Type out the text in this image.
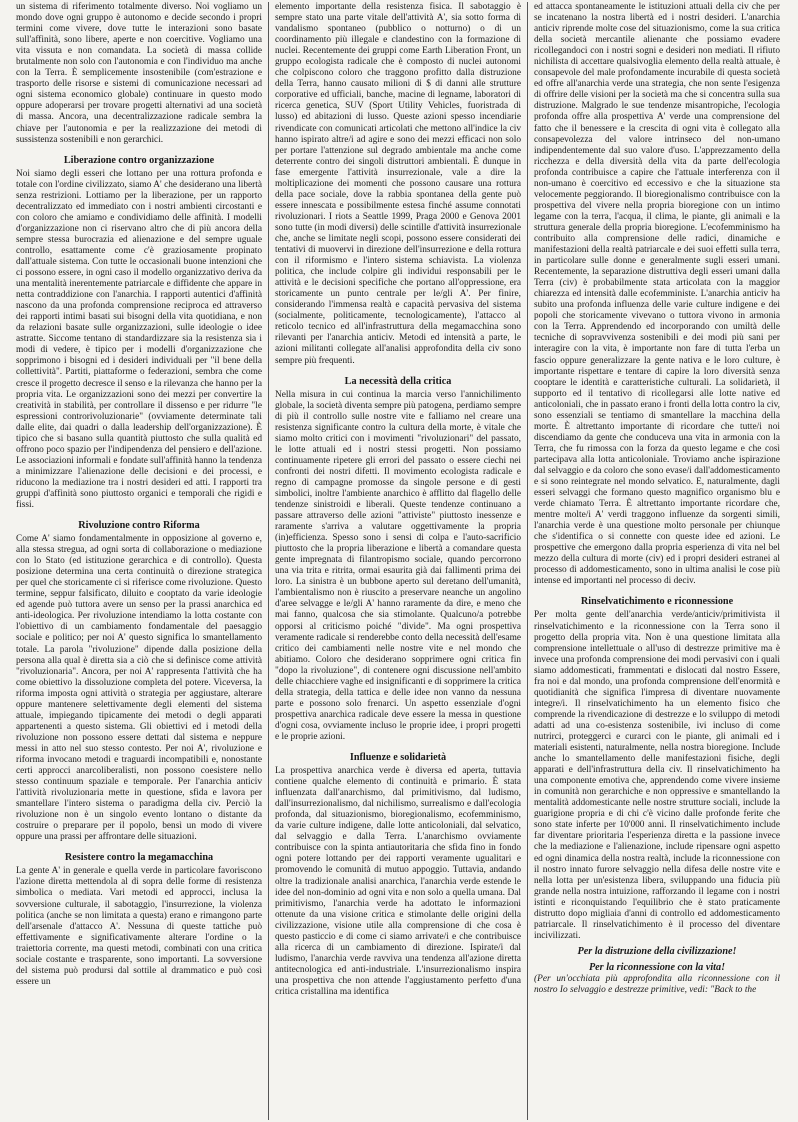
un sistema di riferimento totalmente diverso. Noi vogliamo un mondo dove ogni gruppo è autonomo e decide secondo i propri termini come vivere, dove tutte le interazioni sono basate sull'affinità, sono libere, aperte e non coercitive. Vogliamo una vita vissuta e non comandata. La società di massa collide brutalmente non solo con l'autonomia e con l'individuo ma anche con la Terra. È semplicemente insostenibile (com'estrazione e trasporto delle risorse e sistemi di comunicazione necessari ad ogni sistema economico globale) continuare in questo modo oppure adoperarsi per trovare progetti alternativi ad una società di massa. Ancora, una decentralizzazione radicale sembra la chiave per l'autonomia e per la realizzazione dei metodi di sussistenza sostenibili e non gerarchici.

Liberazione contro organizzazione

Noi siamo degli esseri che lottano per una rottura profonda e totale con l'ordine civilizzato, siamo A' che desiderano una libertà senza restrizioni. Lottiamo per la liberazione, per un rapporto decentralizzato ed immediato con i nostri ambienti circostanti e con coloro che amiamo e condividiamo delle affinità. I modelli d'organizzazione non ci riservano altro che di più ancora della sempre stessa burocrazia ed alienazione e del sempre uguale controllo, esattamente come c'è graziosamente propinato dall'attuale sistema. Con tutte le occasionali buone intenzioni che ci possono essere, in ogni caso il modello organizzativo deriva da una mentalità inerentemente patriarcale e diffidente che appare in netta contraddizione con l'anarchia. I rapporti autentici d'affinità nascono da una profonda comprensione reciproca ed attraverso dei rapporti intimi basati sui bisogni della vita quotidiana, e non da relazioni basate sulle organizzazioni, sulle ideologie o idee astratte. Siccome tentano di standardizzare sia la resistenza sia i modi di vedere, è tipico per i modelli d'organizzazione che sopprimono i bisogni ed i desideri individuali per "il bene della collettività". Partiti, piattaforme o federazioni, sembra che come cresce il progetto decresce il senso e la rilevanza che hanno per la propria vita. Le organizzazioni sono dei mezzi per convertire la creatività in stabilità, per controllare il dissenso e per ridurre "le espressioni controrivoluzionarie" (ovviamente determinate tali dalle elite, dai quadri o dalla leadership dell'organizzazione). È tipico che si basano sulla quantità piuttosto che sulla qualità ed offrono poco spazio per l'indipendenza del pensiero e dell'azione. Le associazioni informali e fondate sull'affinità hanno la tendenza a minimizzare l'alienazione delle decisioni e dei processi, e riducono la mediazione tra i nostri desideri ed atti. I rapporti tra gruppi d'affinità sono piuttosto organici e temporali che rigidi e fissi.

Rivoluzione contro Riforma

Come A' siamo fondamentalmente in opposizione al governo e, alla stessa stregua, ad ogni sorta di collaborazione o mediazione con lo Stato (ed istituzione gerarchica e di controllo). Questa posizione determina una certa continuità o direzione strategica per quel che storicamente ci si riferisce come rivoluzione. Questo termine, seppur falsificato, diluito e cooptato da varie ideologie ed agende può tuttora avere un senso per la prassi anarchica ed anti-ideologica. Per rivoluzione intendiamo la lotta costante con l'obiettivo di un cambiamento fondamentale del paesaggio sociale e politico; per noi A' questo significa lo smantellamento totale. La parola "rivoluzione" dipende dalla posizione della persona alla qual è diretta sia a ciò che si definisce come attività "rivoluzionaria". Ancora, per noi A' rappresenta l'attività che ha come obiettivo la dissoluzione completa del potere. Viceversa, la riforma imposta ogni attività o strategia per aggiustare, alterare oppure mantenere selettivamente degli elementi del sistema attuale, impiegando tipicamente dei metodi o degli apparati appartenenti a questo sistema. Gli obiettivi ed i metodi della rivoluzione non possono essere dettati dal sistema e neppure messi in atto nel suo stesso contesto. Per noi A', rivoluzione e riforma invocano metodi e traguardi incompatibili e, nonostante certi approcci anarcoliberalisti, non possono coesistere nello stesso continuum spaziale e temporale. Per l'anarchia anticiv l'attività rivoluzionaria mette in questione, sfida e lavora per smantellare l'intero sistema o paradigma della civ. Perciò la rivoluzione non è un singolo evento lontano o distante da costruire o preparare per il popolo, bensì un modo di vivere oppure una prassi per affrontare delle situazioni.

Resistere contro la megamacchina

La gente A' in generale e quella verde in particolare favoriscono l'azione diretta mettendola al di sopra delle forme di resistenza simbolica o mediata. Vari metodi ed approcci, inclusa la sovversione culturale, il sabotaggio, l'insurrezione, la violenza politica (anche se non limitata a questa) erano e rimangono parte dell'arsenale d'attacco A'. Nessuna di queste tattiche può effettivamente e significativamente alterare l'ordine o la traiettoria corrente, ma questi metodi, combinati con una critica sociale costante e trasparente, sono importanti. La sovversione del sistema può prodursi dal sottile al drammatico e può così essere un

elemento importante della resistenza fisica. Il sabotaggio è sempre stato una parte vitale dell'attività A', sia sotto forma di vandalismo spontaneo (pubblico o notturno) o di un coordinamento più illegale e clandestino con la formazione di nuclei. Recentemente dei gruppi come Earth Liberation Front, un gruppo ecologista radicale che è composto di nuclei autonomi che colpiscono coloro che traggono profitto dalla distruzione della Terra, hanno causato milioni di $ di danni alle strutture corporative ed ufficiali, banche, macine di legname, laboratori di ricerca genetica, SUV (Sport Utility Vehicles, fuoristrada di lusso) ed abitazioni di lusso. Queste azioni spesso incendiarie rivendicate con comunicati articolati che mettono all'indice la civ hanno ispirato altre/i ad agire e sono dei mezzi efficaci non solo per portare l'attenzione sul degrado ambientale ma anche come deterrente contro dei singoli distruttori ambientali. È dunque in fase emergente l'attività insurrezionale, vale a dire la moltiplicazione dei momenti che possono causare una rottura della pace sociale, dove la rabbia spontanea della gente può essere innescata e possibilmente estesa finché assume connotati rivoluzionari. I riots a Seattle 1999, Praga 2000 e Genova 2001 sono tutte (in modi diversi) delle scintille d'attività insurrezionale che, anche se limitate negli scopi, possono essere considerati dei tentativi di muovervi in direzione dell'insurrezione e della rottura con il riformismo e l'intero sistema schiavista. La violenza politica, che include colpire gli individui responsabili per le attività e le decisioni specifiche che portano all'oppressione, era storicamente un punto centrale per le/gli A'. Per finire, considerando l'immensa realtà e capacità pervasiva del sistema (socialmente, politicamente, tecnologicamente), l'attacco al reticolo tecnico ed all'infrastruttura della megamacchina sono rilevanti per l'anarchia anticiv. Metodi ed intensità a parte, le azioni militanti collegate all'analisi approfondita della civ sono sempre più frequenti.

La necessità della critica

Nella misura in cui continua la marcia verso l'annichilimento globale, la società diventa sempre più patogena, perdiamo sempre di più il controllo sulle nostre vite e falliamo nel creare una resistenza significante contro la cultura della morte, è vitale che siamo molto critici con i movimenti "rivoluzionari" del passato, le lotte attuali ed i nostri stessi progetti. Non possiamo continuamente ripetere gli errori del passato o essere ciechi nei confronti dei nostri difetti. Il movimento ecologista radicale e regno di campagne promosse da singole persone e di gesti simbolici, inoltre l'ambiente anarchico è afflitto dal flagello delle tendenze sinistroidi e liberali. Queste tendenze continuano a passare attraverso delle azioni "attiviste" piuttosto inessenze e raramente s'arriva a valutare oggettivamente la propria (in)efficienza. Spesso sono i sensi di colpa e l'auto-sacrificio piuttosto che la propria liberazione e libertà a comandare questa gente impregnata di filantropismo sociale, quando percorrono una via trita e ritrita, ormai esaurita già dai fallimenti prima dei loro. La sinistra è un bubbone aperto sul deretano dell'umanità, l'ambientalismo non è riuscito a preservare neanche un angolino d'aree selvagge e le/gli A' hanno raramente da dire, e meno che mai fanno, qualcosa che sia stimolante. Qualcuno/a potrebbe opporsi al criticismo poiché "divide". Ma ogni prospettiva veramente radicale si renderebbe conto della necessità dell'esame critico dei cambiamenti nelle nostre vite e nel mondo che abitiamo. Coloro che desiderano sopprimere ogni critica fin "dopo la rivoluzione", di contenere ogni discussione nell'ambito delle chiacchiere vaghe ed insignificanti e di sopprimere la critica della strategia, della tattica e delle idee non vanno da nessuna parte e possono solo frenarci. Un aspetto essenziale d'ogni prospettiva anarchica radicale deve essere la messa in questione d'ogni cosa, ovviamente incluso le proprie idee, i propri progetti e le proprie azioni.

Influenze e solidarietà

La prospettiva anarchica verde è diversa ed aperta, tuttavia contiene qualche elemento di continuità e primario. È stata influenzata dall'anarchismo, dal primitivismo, dal ludismo, dall'insurrezionalismo, dal nichilismo, surrealismo e dall'ecologia profonda, dal situazionismo, bioregionalismo, ecofemminismo, da varie culture indigene, dalle lotte anticoloniali, dal selvatico, dal selvaggio e dalla Terra. L'anarchismo ovviamente contribuisce con la spinta antiautoritaria che sfida fino in fondo ogni potere lottando per dei rapporti veramente ugualitari e promovendo le comunità di mutuo appoggio. Tuttavia, andando oltre la tradizionale analisi anarchica, l'anarchia verde estende le idee del non-dominio ad ogni vita e non solo a quella umana. Dal primitivismo, l'anarchia verde ha adottato le informazioni ottenute da una visione critica e stimolante delle origini della civilizzazione, visione utile alla comprensione di che cosa è questo pasticcio e di come ci siamo arrivate/i e che contribuisce alla ricerca di un cambiamento di direzione. Ispirate/i dal ludismo, l'anarchia verde ravviva una tendenza all'azione diretta antitecnologica ed anti-industriale. L'insurrezionalismo inspira una prospettiva che non attende l'aggiustamento perfetto d'una critica cristallina ma identifica

ed attacca spontaneamente le istituzioni attuali della civ che per se incatenano la nostra libertà ed i nostri desideri. L'anarchia anticiv riprende molte cose del situazionismo, come la sua critica della società mercantile alienante che possiamo evadere ricollegandoci con i nostri sogni e desideri non mediati. Il rifiuto nichilista di accettare qualsivoglia elemento della realtà attuale, è consapevole del male profondamente incurabile di questa società ed offre all'anarchia verde una strategia, che non sente l'esigenza di offrire delle visioni per la società ma che si concentra sulla sua distruzione. Malgrado le sue tendenze misantropiche, l'ecologia profonda offre alla prospettiva A' verde una comprensione del fatto che il benessere e la crescita di ogni vita è collegato alla consapevolezza del valore intrinseco del non-umano indipendentemente dal suo valore d'uso. L'apprezzamento della ricchezza e della diversità della vita da parte dell'ecologia profonda contribuisce a capire che l'attuale interferenza con il non-umano è coercitivo ed eccessivo e che la situazione sta velocemente peggiorando. Il bioregionalismo contribuisce con la prospettiva del vivere nella propria bioregione con un intimo legame con la terra, l'acqua, il clima, le piante, gli animali e la struttura generale della propria bioregione. L'ecofemminismo ha contribuito alla comprensione delle radici, dinamiche e manifestazioni della realtà patriarcale e dei suoi effetti sulla terra, in particolare sulle donne e generalmente sugli esseri umani. Recentemente, la separazione distruttiva degli esseri umani dalla Terra (civ) è probabilmente stata articolata con la maggior chiarezza ed intensità dalle ecofemministe. L'anarchia anticiv ha subito una profonda influenza delle varie culture indigene e dei popoli che storicamente vivevano o tuttora vivono in armonia con la Terra. Apprendendo ed incorporando con umiltà delle tecniche di sopravvivenza sostenibili e dei modi più sani per interagire con la vita, è importante non fare di tutta l'erba un fascio oppure generalizzare la gente nativa e le loro culture, è importante rispettare e tentare di capire la loro diversità senza cooptare le identità e caratteristiche culturali. La solidarietà, il supporto ed il tentativo di ricollegarsi alle lotte native ed anticoloniali, che in passato erano i fronti della lotta contro la civ, sono essenziali se tentiamo di smantellare la macchina della morte. È altrettanto importante di ricordare che tutte/i noi discendiamo da gente che conduceva una vita in armonia con la Terra, che fu rimossa con la forza da questo legame e che così partecipava alla lotta anticoloniale. Troviamo anche ispirazione dal selvaggio e da coloro che sono evase/i dall'addomesticamento e si sono reintegrate nel mondo selvatico. E, naturalmente, dagli esseri selvaggi che formano questo magnifico organismo blu e verde chiamato Terra. È altrettanto importante ricordare che, mentre molte/i A' verdi traggono influenze da sorgenti simili, l'anarchia verde è una questione molto personale per chiunque che s'identifica o si connette con queste idee ed azioni. Le prospettive che emergono dalla propria esperienza di vita nel bel mezzo della cultura di morte (civ) ed i propri desideri estranei al processo di addomesticamento, sono in ultima analisi le cose più intense ed importanti nel processo di deciv.

Rinselvatichimento e riconnessione

Per molta gente dell'anarchia verde/anticiv/primitivista il rinselvatichimento e la riconnessione con la Terra sono il progetto della propria vita. Non è una questione limitata alla comprensione intellettuale o all'uso di destrezze primitive ma è invece una profonda comprensione dei modi pervasivi con i quali siamo addomesticati, frammentati e dislocati dal nostro Essere, fra noi e dal mondo, una profonda comprensione dell'enormità e quotidianità che significa l'impresa di diventare nuovamente integre/i. Il rinselvatichimento ha un elemento fisico che comprende la rivendicazione di destrezze e lo sviluppo di metodi adatti ad una co-esistenza sostenibile, ivi incluso di come nutrirci, proteggerci e curarci con le piante, gli animali ed i materiali esistenti, naturalmente, nella nostra bioregione. Include anche lo smantellamento delle manifestazioni fisiche, degli apparati e dell'infrastruttura della civ. Il rinselvatichimento ha una componente emotiva che, apprendendo come vivere insieme in comunità non gerarchiche e non oppressive e smantellando la mentalità addomesticante nelle nostre strutture sociali, include la guarigione propria e di chi c'è vicino dalle profonde ferite che sono state inferte per 10'000 anni. Il rinselvatichimento include far diventare prioritaria l'esperienza diretta e la passione invece che la mediazione e l'alienazione, include ripensare ogni aspetto ed ogni dinamica della nostra realtà, include la riconnessione con il nostro innato furore selvaggio nella difesa delle nostre vite e nella lotta per un'esistenza libera, sviluppando una fiducia più grande nella nostra intuizione, rafforzando il legame con i nostri istinti e riconquistando l'equilibrio che è stato praticamente distrutto dopo migliaia d'anni di controllo ed addomesticamento patriarcale. Il rinselvatichimento è il processo del diventare incivilizzati.

Per la distruzione della civilizzazione!
Per la riconnessione con la vita!

(Per un'occhiata più approfondita alla riconnessione con il nostro Io selvaggio e destrezze primitive, vedi: "Back to the
